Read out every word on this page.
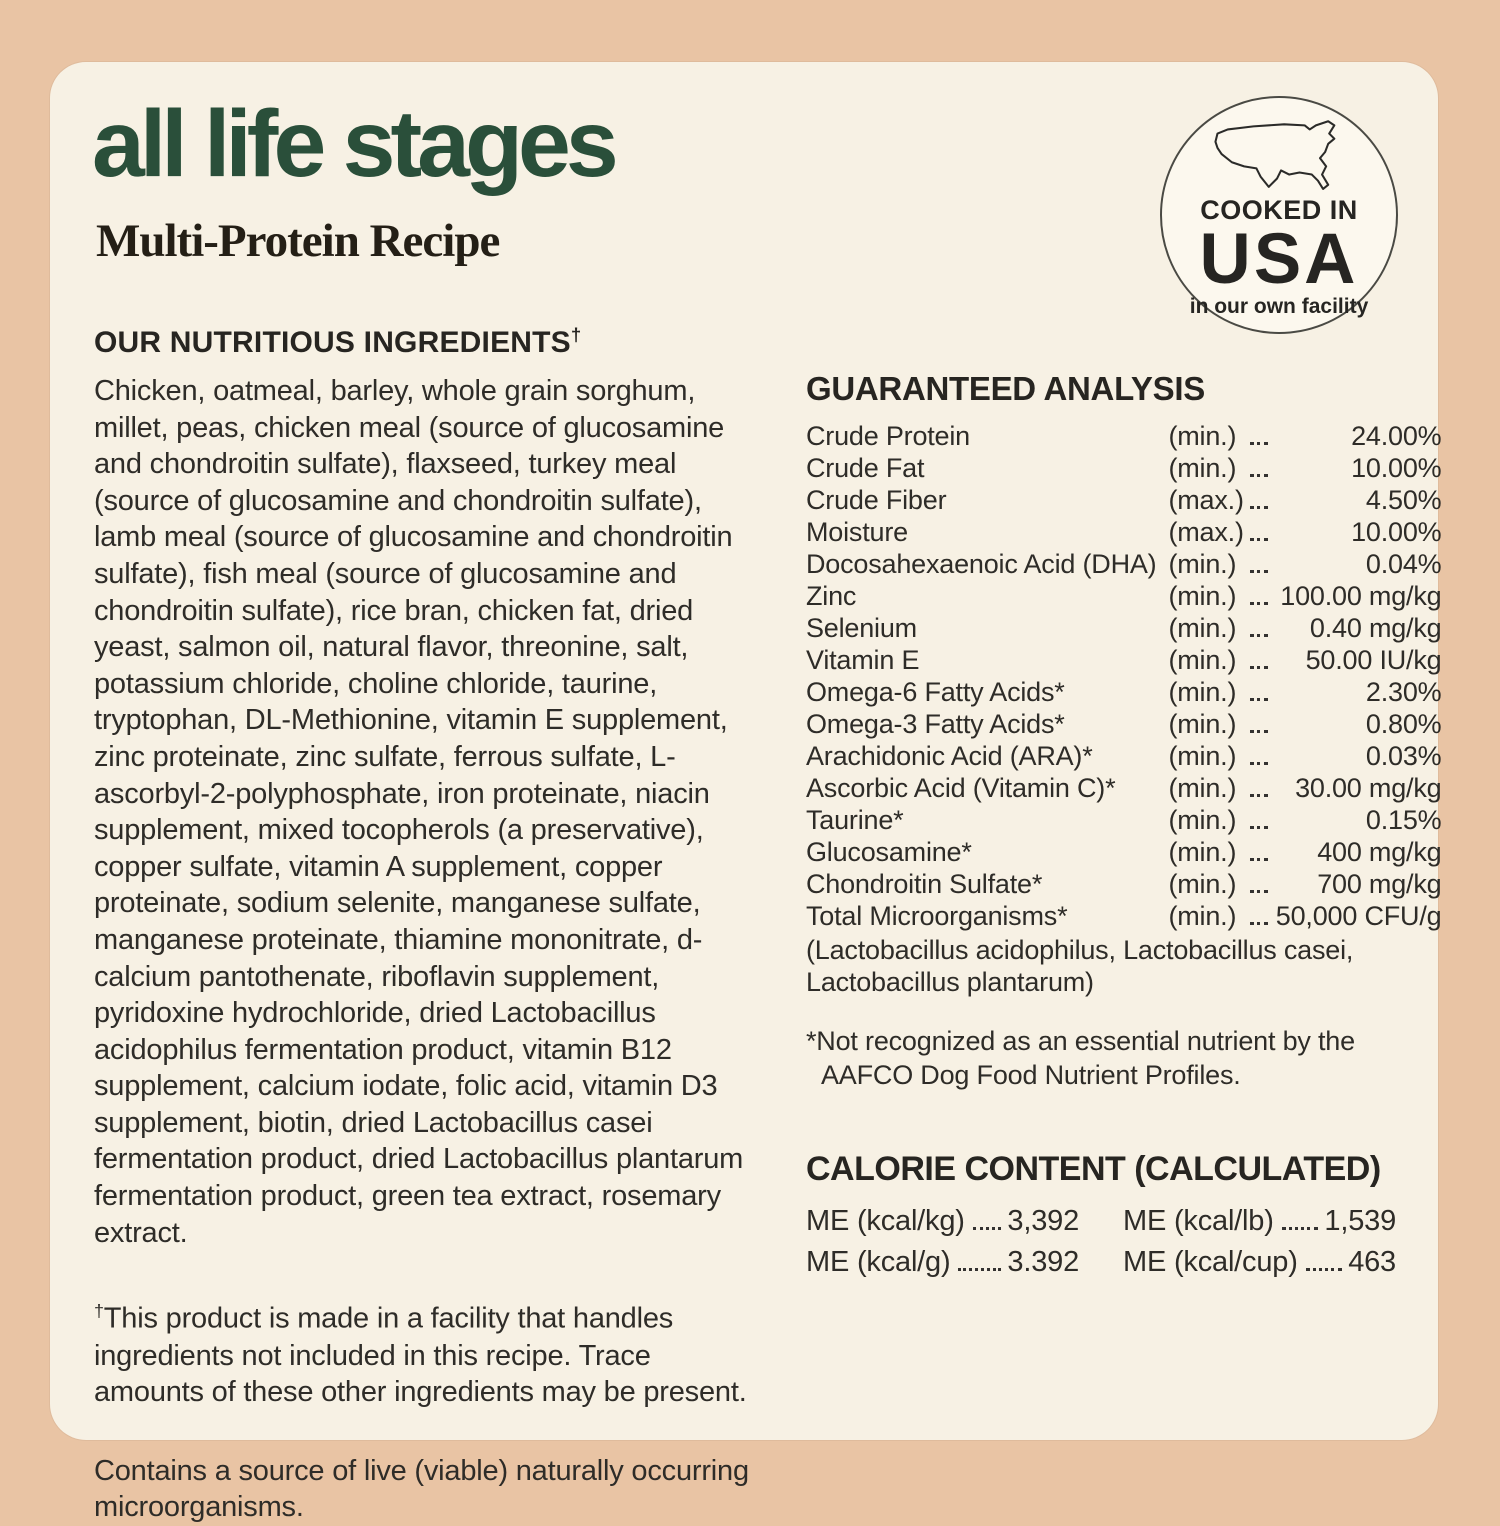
all life stages
Multi-Protein Recipe
COOKED IN
USA
in our own facility
OUR NUTRITIOUS INGREDIENTS†
Chicken, oatmeal, barley, whole grain sorghum, millet, peas, chicken meal (source of glucosamine and chondroitin sulfate), flaxseed, turkey meal (source of glucosamine and chondroitin sulfate), lamb meal (source of glucosamine and chondroitin sulfate), fish meal (source of glucosamine and chondroitin sulfate), rice bran, chicken fat, dried yeast, salmon oil, natural flavor, threonine, salt, potassium chloride, choline chloride, taurine, tryptophan, DL-Methionine, vitamin E supplement, zinc proteinate, zinc sulfate, ferrous sulfate, L-ascorbyl-2-polyphosphate, iron proteinate, niacin supplement, mixed tocopherols (a preservative), copper sulfate, vitamin A supplement, copper proteinate, sodium selenite, manganese sulfate, manganese proteinate, thiamine mononitrate, d-calcium pantothenate, riboflavin supplement, pyridoxine hydrochloride, dried Lactobacillus acidophilus fermentation product, vitamin B12 supplement, calcium iodate, folic acid, vitamin D3 supplement, biotin, dried Lactobacillus casei fermentation product, dried Lactobacillus plantarum fermentation product, green tea extract, rosemary extract.
†This product is made in a facility that handles ingredients not included in this recipe. Trace amounts of these other ingredients may be present.
Contains a source of live (viable) naturally occurring microorganisms.
GUARANTEED ANALYSIS
Crude Protein	(min.)	24.00%
Crude Fat	(min.)	10.00%
Crude Fiber	(max.)	4.50%
Moisture	(max.)	10.00%
Docosahexaenoic Acid (DHA) (min.)	0.04%
Zinc	(min.) 100.00 mg/kg
Selenium	(min.)	0.40 mg/kg
Vitamin E	(min.)	50.00 IU/kg
Omega-6 Fatty Acids*	(min.)	2.30%
Omega-3 Fatty Acids*	(min.)	0.80%
Arachidonic Acid (ARA)*	(min.)	0.03%
Ascorbic Acid (Vitamin C)*	(min.)	30.00 mg/kg
Taurine*	(min.)	0.15%
Glucosamine*	(min.)	400 mg/kg
Chondroitin Sulfate*	(min.)	700 mg/kg
Total Microorganisms*	(min.) 50,000 CFU/g
(Lactobacillus acidophilus, Lactobacillus casei, Lactobacillus plantarum)
*Not recognized as an essential nutrient by the AAFCO Dog Food Nutrient Profiles.
CALORIE CONTENT (CALCULATED)
ME (kcal/kg) 3,392 ME (kcal/lb) 1,539
ME (kcal/g) 3.392 ME (kcal/cup) 463
